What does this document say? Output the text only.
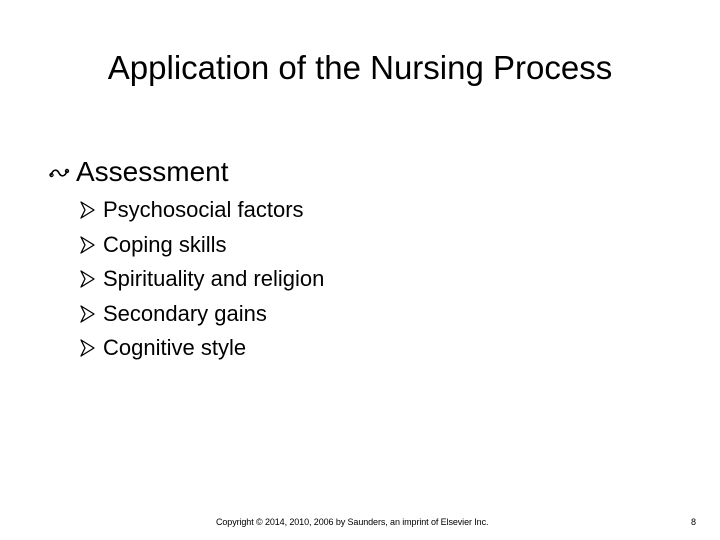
Application of the Nursing Process
Assessment
Psychosocial factors
Coping skills
Spirituality and religion
Secondary gains
Cognitive style
Copyright © 2014, 2010, 2006 by Saunders, an imprint of Elsevier Inc.	8
